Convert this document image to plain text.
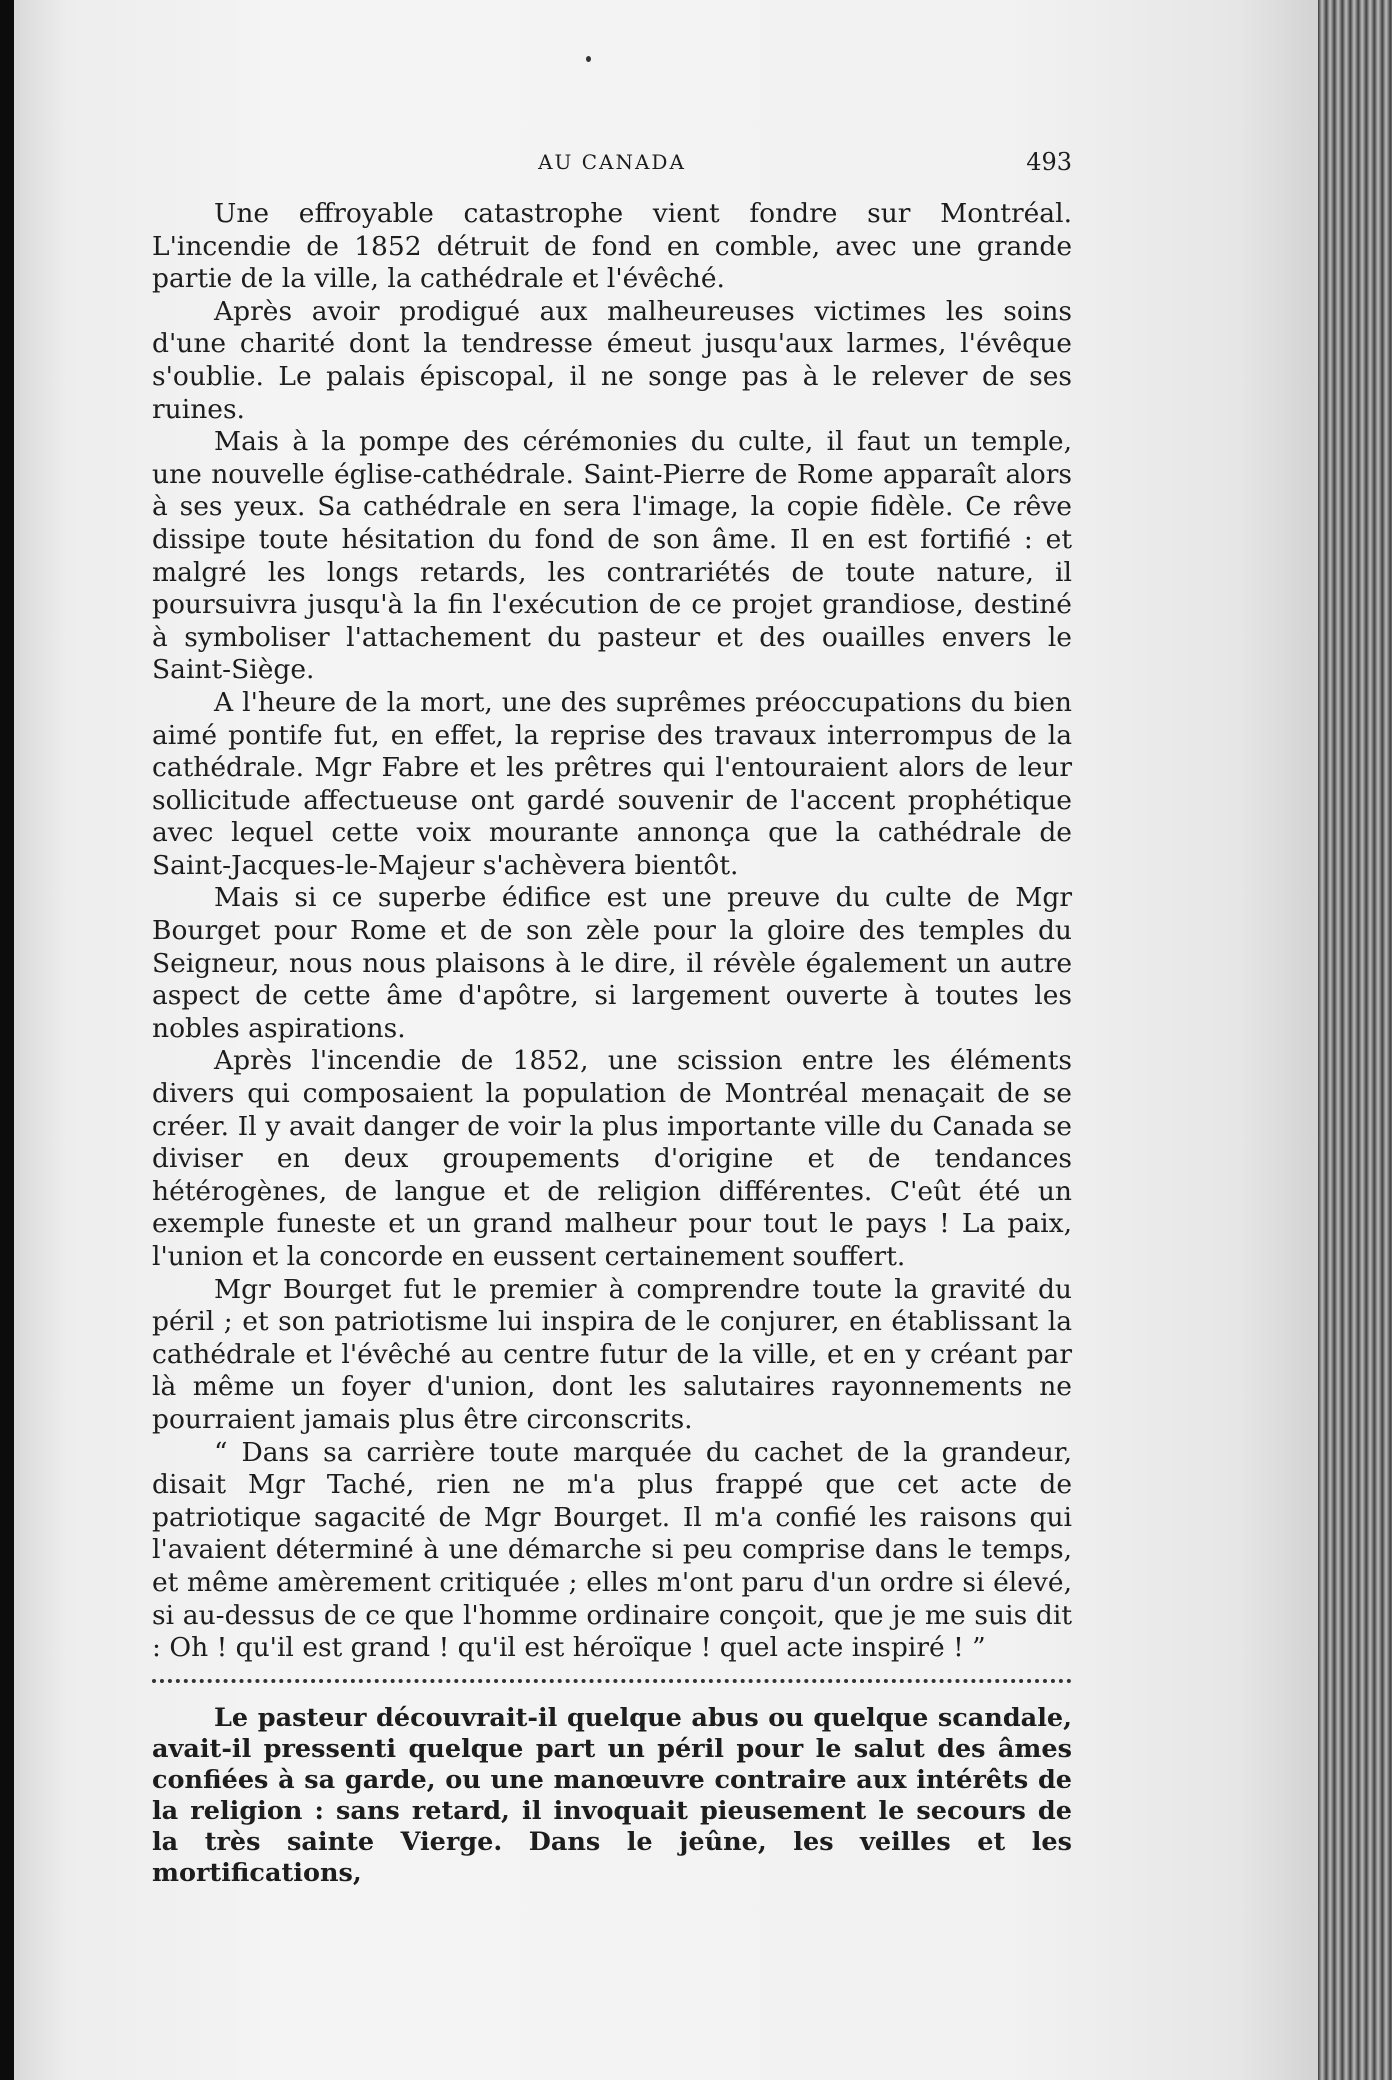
AU CANADA	493

Une effroyable catastrophe vient fondre sur Montréal. L'incendie de 1852 détruit de fond en comble, avec une grande partie de la ville, la cathédrale et l'évêché.

Après avoir prodigué aux malheureuses victimes les soins d'une charité dont la tendresse émeut jusqu'aux larmes, l'évêque s'oublie. Le palais épiscopal, il ne songe pas à le relever de ses ruines.

Mais à la pompe des cérémonies du culte, il faut un temple, une nouvelle église-cathédrale. Saint-Pierre de Rome apparaît alors à ses yeux. Sa cathédrale en sera l'image, la copie fidèle. Ce rêve dissipe toute hésitation du fond de son âme. Il en est fortifié : et malgré les longs retards, les contrariétés de toute nature, il poursuivra jusqu'à la fin l'exécution de ce projet grandiose, destiné à symboliser l'attachement du pasteur et des ouailles envers le Saint-Siège.

A l'heure de la mort, une des suprêmes préoccupations du bien aimé pontife fut, en effet, la reprise des travaux interrompus de la cathédrale. Mgr Fabre et les prêtres qui l'entouraient alors de leur sollicitude affectueuse ont gardé souvenir de l'accent prophétique avec lequel cette voix mourante annonça que la cathédrale de Saint-Jacques-le-Majeur s'achèvera bientôt.

Mais si ce superbe édifice est une preuve du culte de Mgr Bourget pour Rome et de son zèle pour la gloire des temples du Seigneur, nous nous plaisons à le dire, il révèle également un autre aspect de cette âme d'apôtre, si largement ouverte à toutes les nobles aspirations.

Après l'incendie de 1852, une scission entre les éléments divers qui composaient la population de Montréal menaçait de se créer. Il y avait danger de voir la plus importante ville du Canada se diviser en deux groupements d'origine et de tendances hétérogènes, de langue et de religion différentes. C'eût été un exemple funeste et un grand malheur pour tout le pays ! La paix, l'union et la concorde en eussent certainement souffert.

Mgr Bourget fut le premier à comprendre toute la gravité du péril ; et son patriotisme lui inspira de le conjurer, en établissant la cathédrale et l'évêché au centre futur de la ville, et en y créant par là même un foyer d'union, dont les salutaires rayonnements ne pourraient jamais plus être circonscrits.

“ Dans sa carrière toute marquée du cachet de la grandeur, disait Mgr Taché, rien ne m'a plus frappé que cet acte de patriotique sagacité de Mgr Bourget. Il m'a confié les raisons qui l'avaient déterminé à une démarche si peu comprise dans le temps, et même amèrement critiquée ; elles m'ont paru d'un ordre si élevé, si au-dessus de ce que l'homme ordinaire conçoit, que je me suis dit : Oh ! qu'il est grand ! qu'il est héroïque ! quel acte inspiré ! ”

Le pasteur découvrait-il quelque abus ou quelque scandale, avait-il pressenti quelque part un péril pour le salut des âmes confiées à sa garde, ou une manœuvre contraire aux intérêts de la religion : sans retard, il invoquait pieusement le secours de la très sainte Vierge. Dans le jeûne, les veilles et les mortifications,
